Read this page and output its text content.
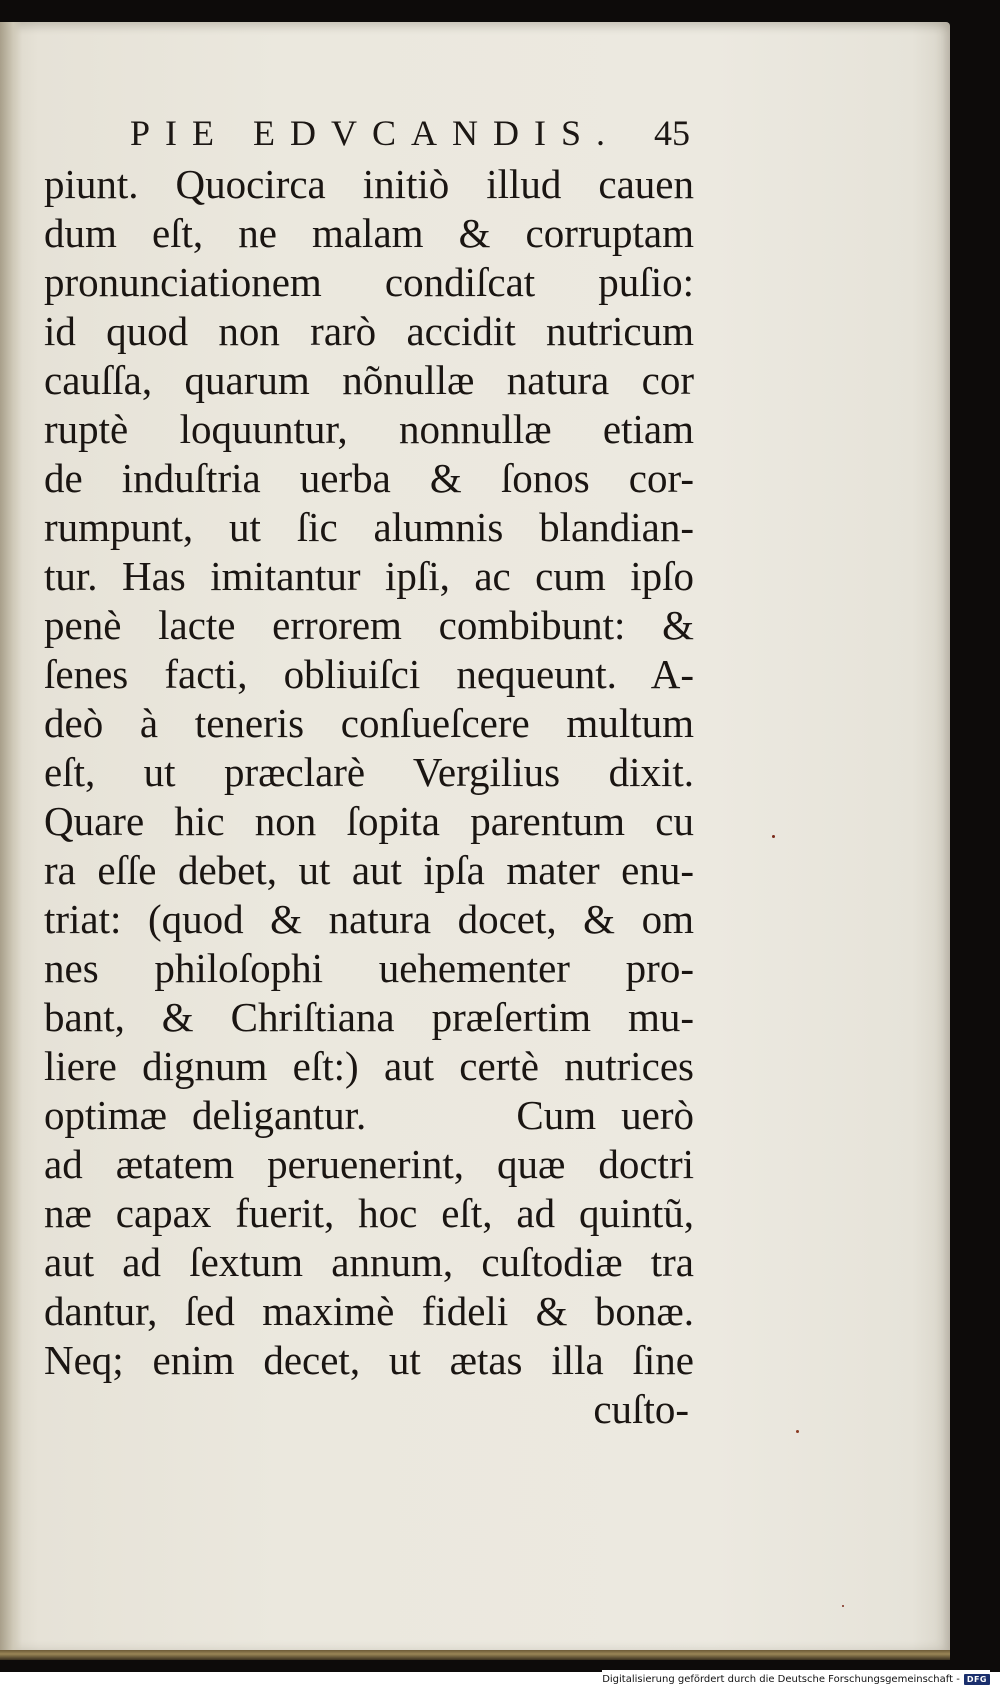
PIE EDVCANDIS. 45
piunt. Quocirca initiò illud cauen
dum eſt, ne malam & corruptam
pronunciationem condiſcat puſio:
id quod non rarò accidit nutricum
cauſſa, quarum nõnullæ natura cor
ruptè loquuntur, nonnullæ etiam
de induſtria uerba & ſonos cor-
rumpunt, ut ſic alumnis blandian-
tur. Has imitantur ipſi, ac cum ipſo
penè lacte errorem combibunt: &
ſenes facti, obliuiſci nequeunt. A-
deò à teneris conſueſcere multum
eſt, ut præclarè Vergilius dixit.
Quare hic non ſopita parentum cu
ra eſſe debet, ut aut ipſa mater enu-
triat: (quod & natura docet, & om
nes philoſophi uehementer pro-
bant, & Chriſtiana præſertim mu-
liere dignum eſt:) aut certè nutrices
optimæ deligantur.      Cum uerò
ad ætatem peruenerint, quæ doctri
næ capax fuerit, hoc eſt, ad quintũ,
aut ad ſextum annum, cuſtodiæ tra
dantur, ſed maximè fideli & bonæ.
Neq; enim decet, ut ætas illa ſine
cuſto-
Digitalisierung gefördert durch die Deutsche Forschungsgemeinschaft - DFG
